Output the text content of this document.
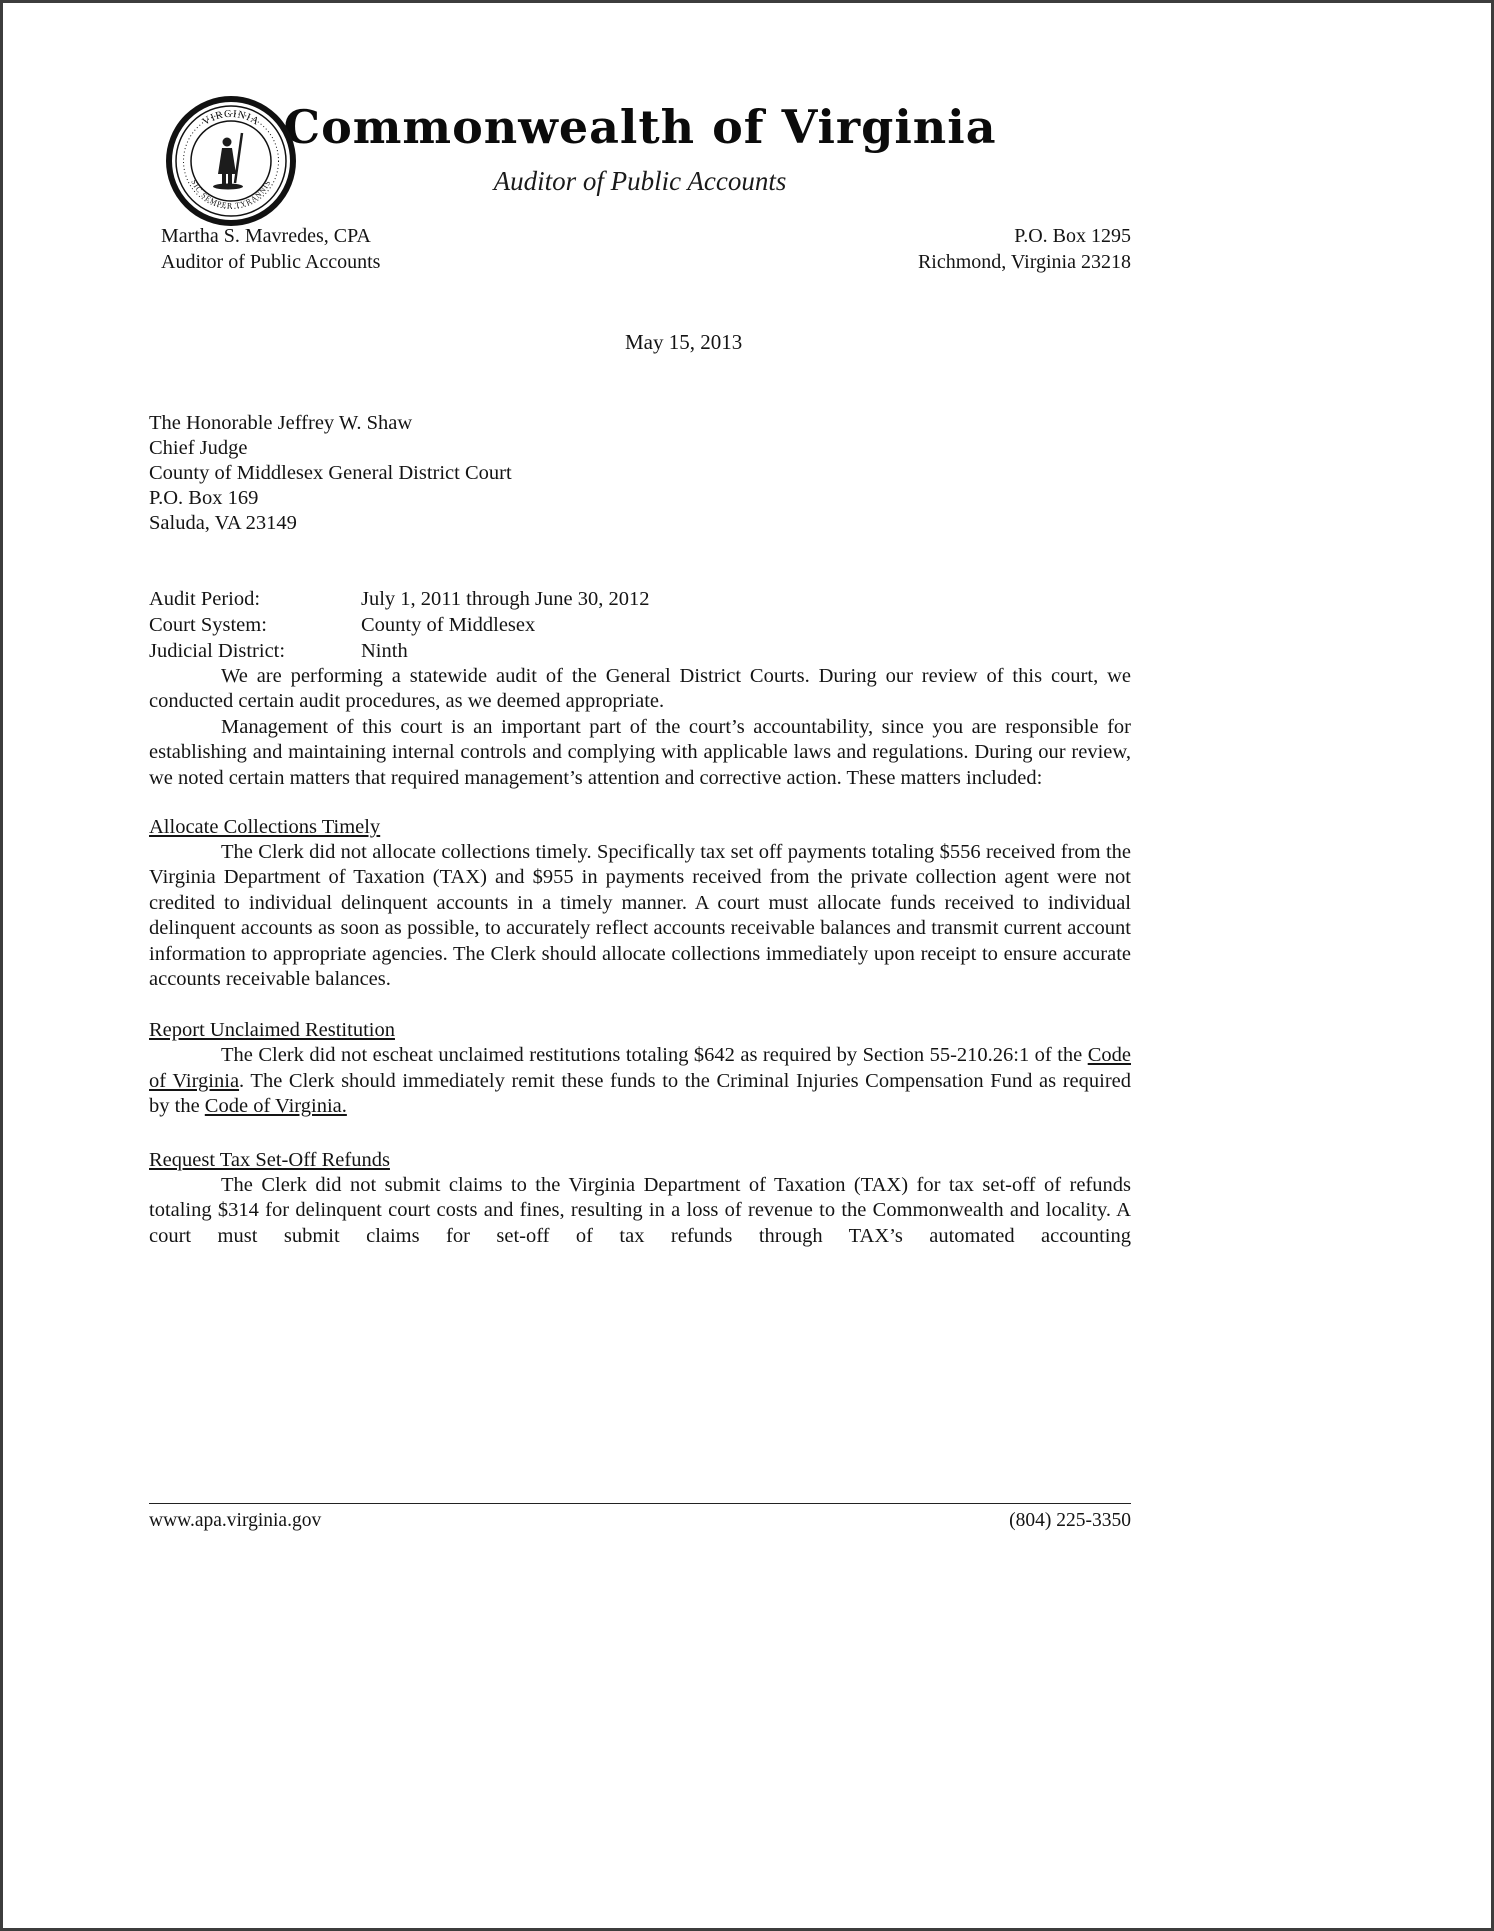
VIRGINIA
SIC SEMPER TYRANNIS
Commonwealth of Virginia
Auditor of Public Accounts
Martha S. Mavredes, CPA
Auditor of Public Accounts
P.O. Box 1295
Richmond, Virginia 23218
May 15, 2013
The Honorable Jeffrey W. Shaw
Chief Judge
County of Middlesex General District Court
P.O. Box 169
Saluda, VA 23149
Audit Period:	July 1, 2011 through June 30, 2012
Court System:	County of Middlesex
Judicial District:	Ninth

We are performing a statewide audit of the General District Courts. During our review of this court, we conducted certain audit procedures, as we deemed appropriate.

Management of this court is an important part of the court’s accountability, since you are responsible for establishing and maintaining internal controls and complying with applicable laws and regulations. During our review, we noted certain matters that required management’s attention and corrective action. These matters included:

Allocate Collections Timely

The Clerk did not allocate collections timely. Specifically tax set off payments totaling $556 received from the Virginia Department of Taxation (TAX) and $955 in payments received from the private collection agent were not credited to individual delinquent accounts in a timely manner. A court must allocate funds received to individual delinquent accounts as soon as possible, to accurately reflect accounts receivable balances and transmit current account information to appropriate agencies. The Clerk should allocate collections immediately upon receipt to ensure accurate accounts receivable balances.

Report Unclaimed Restitution

The Clerk did not escheat unclaimed restitutions totaling $642 as required by Section 55-210.26:1 of the Code of Virginia. The Clerk should immediately remit these funds to the Criminal Injuries Compensation Fund as required by the Code of Virginia.

Request Tax Set-Off Refunds

The Clerk did not submit claims to the Virginia Department of Taxation (TAX) for tax set-off of refunds totaling $314 for delinquent court costs and fines, resulting in a loss of revenue to the Commonwealth and locality. A court must submit claims for set-off of tax refunds through TAX’s automated accounting

www.apa.virginia.gov	(804) 225-3350
